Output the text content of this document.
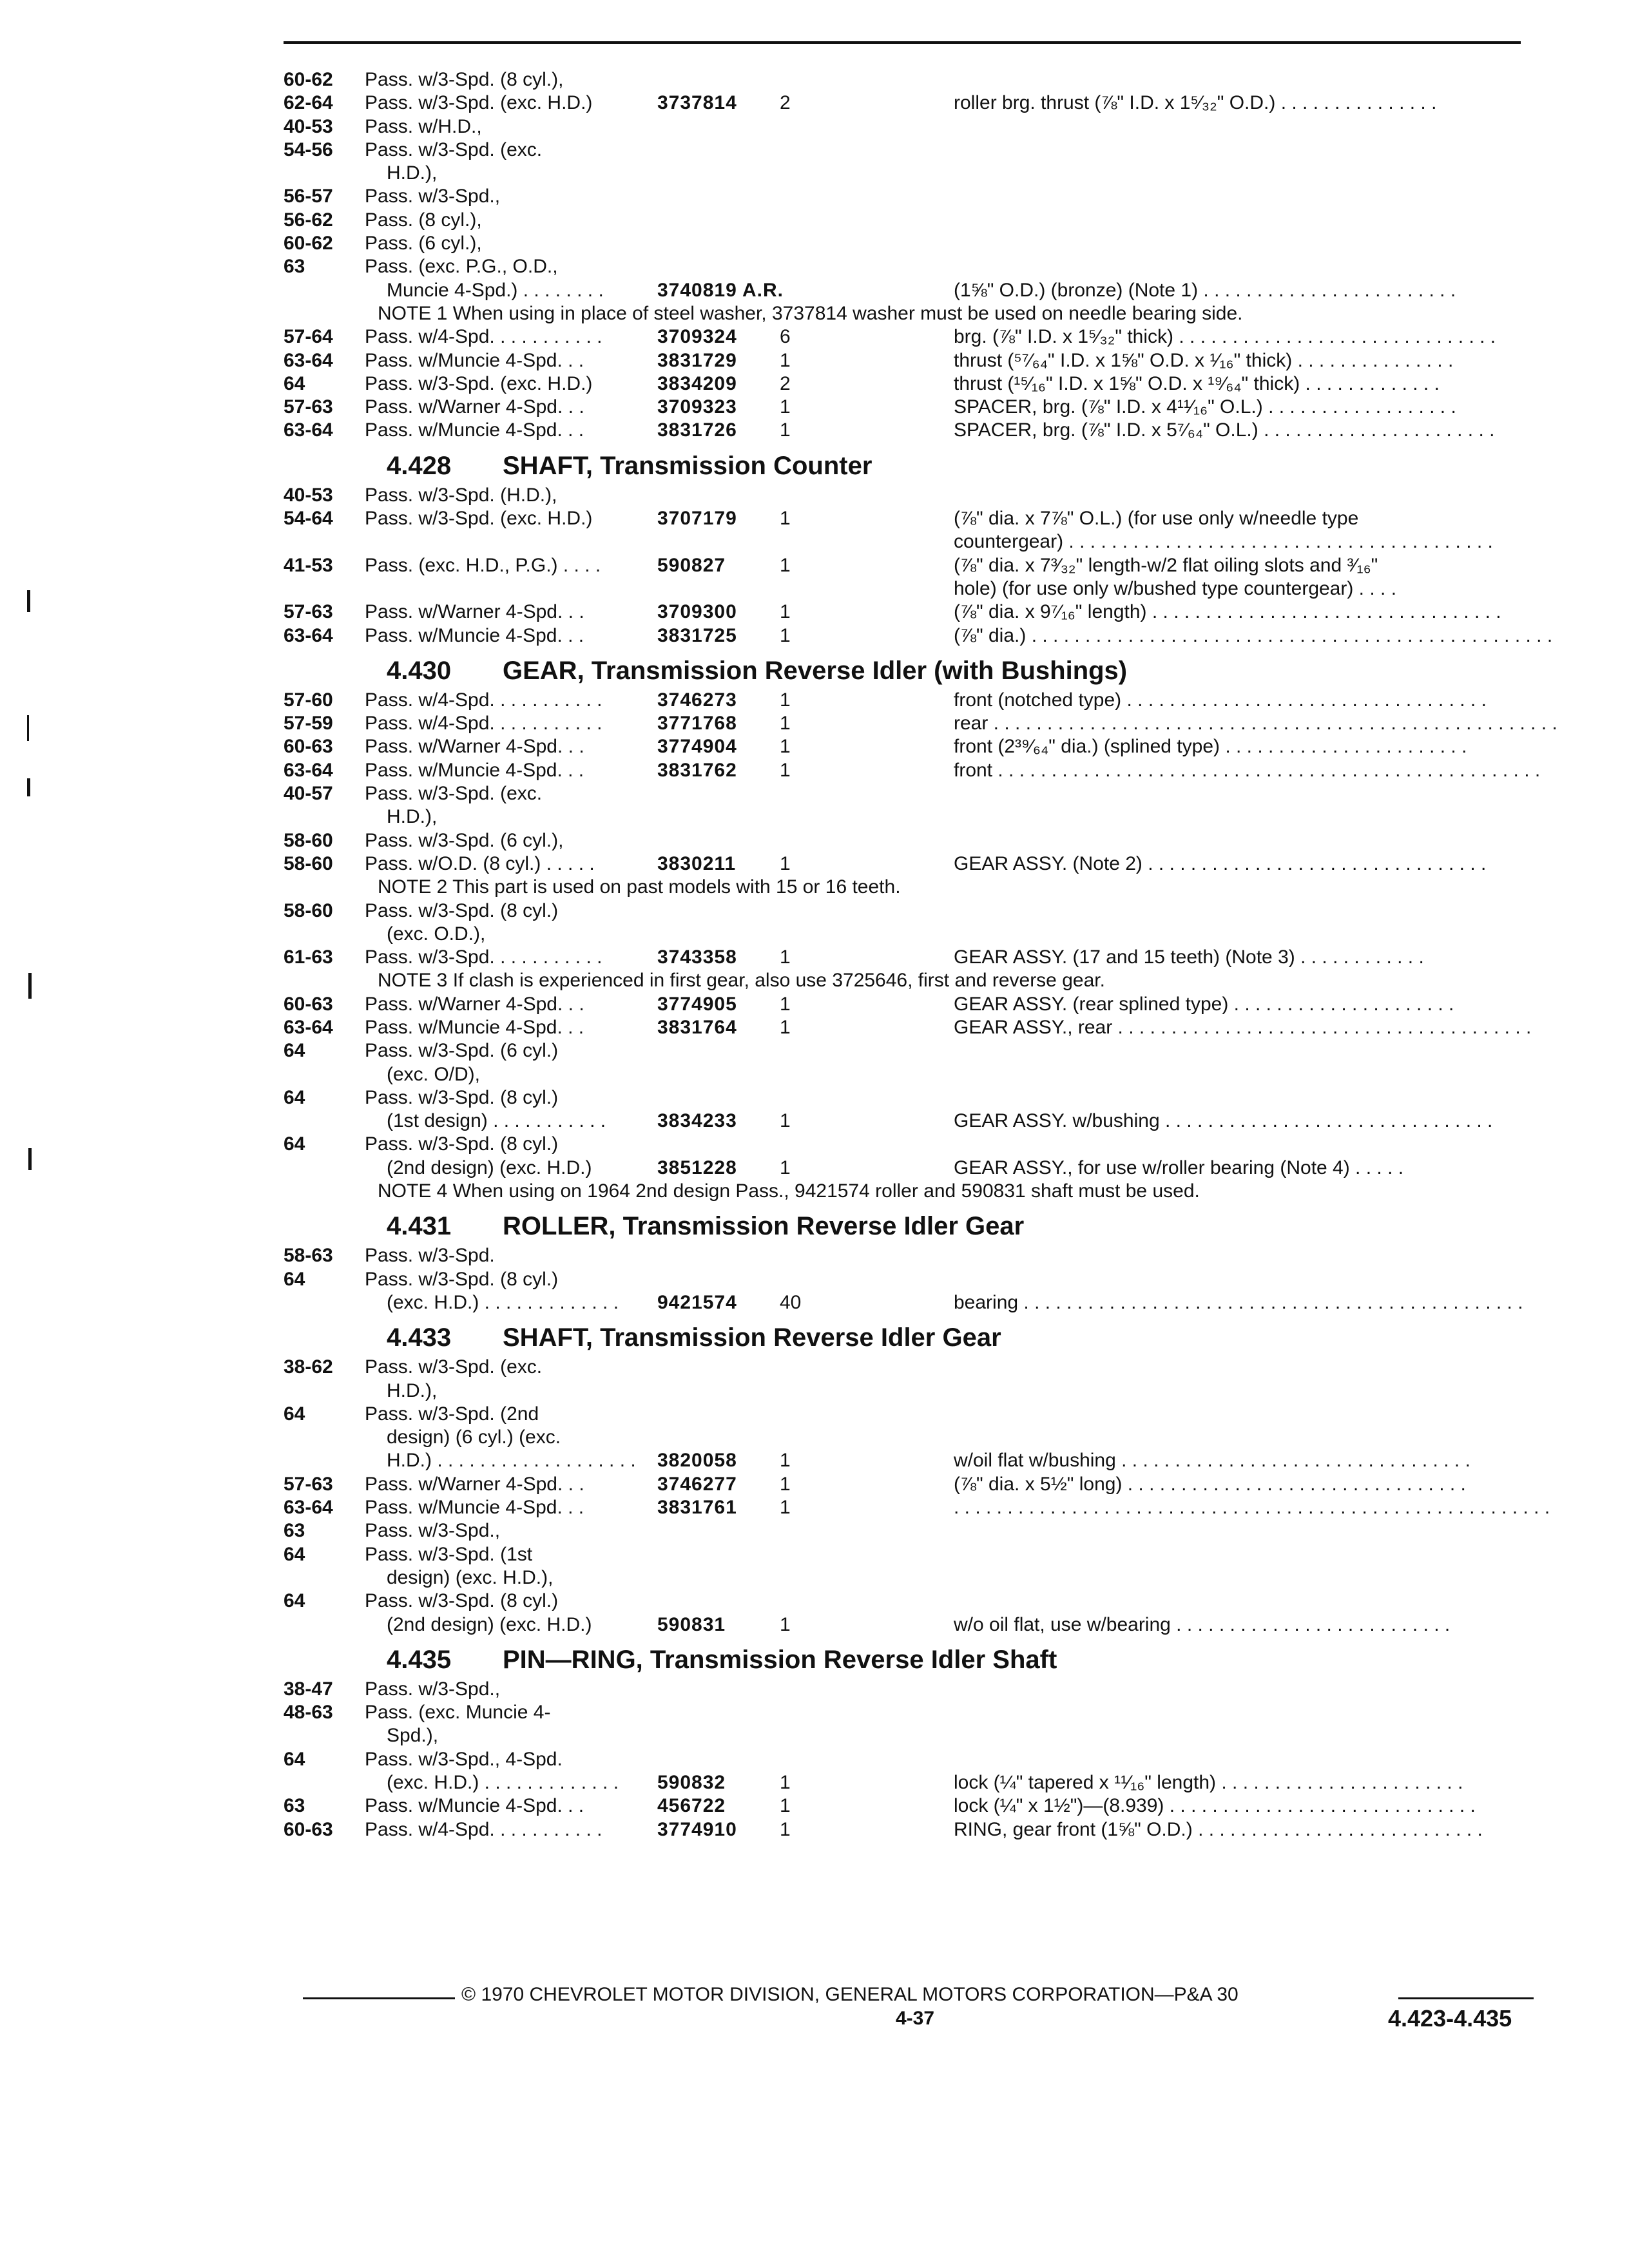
60-62 Pass. w/3-Spd. (8 cyl.),
62-64 Pass. w/3-Spd. (exc. H.D.)	3737814 2	roller brg. thrust (⅞" I.D. x 1⁵⁄₃₂" O.D.) . . . . . . . . . . . . . . .
40-53 Pass. w/H.D.,
54-56 Pass. w/3-Spd. (exc.
H.D.),
56-57 Pass. w/3-Spd.,
56-62 Pass. (8 cyl.),
60-62 Pass. (6 cyl.),
63	Pass. (exc. P.G., O.D.,
Muncie 4-Spd.) . . . . . . . .	3740819 A.R.	(1⅝" O.D.) (bronze) (Note 1) . . . . . . . . . . . . . . . . . . . . . . . .
NOTE 1 When using in place of steel washer, 3737814 washer must be used on needle bearing side.
57-64 Pass. w/4-Spd. . . . . . . . . . .	3709324 6	brg. (⅞" I.D. x 1⁵⁄₃₂" thick) . . . . . . . . . . . . . . . . . . . . . . . . . . . . . .
63-64 Pass. w/Muncie 4-Spd. . .	3831729 1	thrust (⁵⁷⁄₆₄" I.D. x 1⅝" O.D. x ¹⁄₁₆" thick) . . . . . . . . . . . . . . .
64	Pass. w/3-Spd. (exc. H.D.)	3834209 2	thrust (¹⁵⁄₁₆" I.D. x 1⅝" O.D. x ¹⁹⁄₆₄" thick) . . . . . . . . . . . . .
57-63 Pass. w/Warner 4-Spd. . .	3709323 1	SPACER, brg. (⅞" I.D. x 4¹¹⁄₁₆" O.L.) . . . . . . . . . . . . . . . . . .
63-64 Pass. w/Muncie 4-Spd. . .	3831726 1	SPACER, brg. (⅞" I.D. x 5⁷⁄₆₄" O.L.) . . . . . . . . . . . . . . . . . . . . . .
4.428 SHAFT, Transmission Counter
40-53 Pass. w/3-Spd. (H.D.),
54-64 Pass. w/3-Spd. (exc. H.D.)	3707179 1	(⅞" dia. x 7⅞" O.L.) (for use only w/needle type
countergear) . . . . . . . . . . . . . . . . . . . . . . . . . . . . . . . . . . . . . . . .
41-53 Pass. (exc. H.D., P.G.) . . . .	590827	1	(⅞" dia. x 7³⁄₃₂" length-w/2 flat oiling slots and ³⁄₁₆"
hole) (for use only w/bushed type countergear) . . . .
57-63 Pass. w/Warner 4-Spd. . .	3709300 1	(⅞" dia. x 9⁷⁄₁₆" length) . . . . . . . . . . . . . . . . . . . . . . . . . . . . . . . . .
63-64 Pass. w/Muncie 4-Spd. . .	3831725 1	(⅞" dia.) . . . . . . . . . . . . . . . . . . . . . . . . . . . . . . . . . . . . . . . . . . . . . . . . .
4.430 GEAR, Transmission Reverse Idler (with Bushings)
57-60 Pass. w/4-Spd. . . . . . . . . . .	3746273 1	front (notched type) . . . . . . . . . . . . . . . . . . . . . . . . . . . . . . . . . .
57-59 Pass. w/4-Spd. . . . . . . . . . .	3771768 1	rear . . . . . . . . . . . . . . . . . . . . . . . . . . . . . . . . . . . . . . . . . . . . . . . . . . . . .
60-63 Pass. w/Warner 4-Spd. . .	3774904 1	front (2³⁹⁄₆₄" dia.) (splined type) . . . . . . . . . . . . . . . . . . . . . . .
63-64 Pass. w/Muncie 4-Spd. . .	3831762 1	front . . . . . . . . . . . . . . . . . . . . . . . . . . . . . . . . . . . . . . . . . . . . . . . . . . .
40-57 Pass. w/3-Spd. (exc.
H.D.),
58-60 Pass. w/3-Spd. (6 cyl.),
58-60 Pass. w/O.D. (8 cyl.) . . . . .	3830211 1	GEAR ASSY. (Note 2) . . . . . . . . . . . . . . . . . . . . . . . . . . . . . . . .
NOTE 2 This part is used on past models with 15 or 16 teeth.
58-60 Pass. w/3-Spd. (8 cyl.)
(exc. O.D.),
61-63 Pass. w/3-Spd. . . . . . . . . . .	3743358 1	GEAR ASSY. (17 and 15 teeth) (Note 3) . . . . . . . . . . . .
NOTE 3 If clash is experienced in first gear, also use 3725646, first and reverse gear.
60-63 Pass. w/Warner 4-Spd. . .	3774905 1	GEAR ASSY. (rear splined type) . . . . . . . . . . . . . . . . . . . . .
63-64 Pass. w/Muncie 4-Spd. . .	3831764 1	GEAR ASSY., rear . . . . . . . . . . . . . . . . . . . . . . . . . . . . . . . . . . . . . . .
64	Pass. w/3-Spd. (6 cyl.)
(exc. O/D),
64	Pass. w/3-Spd. (8 cyl.)
(1st design) . . . . . . . . . . .	3834233 1	GEAR ASSY. w/bushing . . . . . . . . . . . . . . . . . . . . . . . . . . . . . . .
64	Pass. w/3-Spd. (8 cyl.)
(2nd design) (exc. H.D.)	3851228 1	GEAR ASSY., for use w/roller bearing (Note 4) . . . . .
NOTE 4 When using on 1964 2nd design Pass., 9421574 roller and 590831 shaft must be used.
4.431 ROLLER, Transmission Reverse Idler Gear
58-63 Pass. w/3-Spd.
64	Pass. w/3-Spd. (8 cyl.)
(exc. H.D.) . . . . . . . . . . . . . 9421574 40	bearing . . . . . . . . . . . . . . . . . . . . . . . . . . . . . . . . . . . . . . . . . . . . . . .
4.433 SHAFT, Transmission Reverse Idler Gear
38-62 Pass. w/3-Spd. (exc.
H.D.),
64	Pass. w/3-Spd. (2nd
design) (6 cyl.) (exc.
H.D.) . . . . . . . . . . . . . . . . . . . 3820058 1	w/oil flat w/bushing . . . . . . . . . . . . . . . . . . . . . . . . . . . . . . . . .
57-63 Pass. w/Warner 4-Spd. . .	3746277 1	(⅞" dia. x 5½" long) . . . . . . . . . . . . . . . . . . . . . . . . . . . . . . . .
63-64 Pass. w/Muncie 4-Spd. . .	3831761 1	. . . . . . . . . . . . . . . . . . . . . . . . . . . . . . . . . . . . . . . . . . . . . . . . . . . . . . . .
63	Pass. w/3-Spd.,
64	Pass. w/3-Spd. (1st
design) (exc. H.D.),
64	Pass. w/3-Spd. (8 cyl.)
(2nd design) (exc. H.D.)	590831	1	w/o oil flat, use w/bearing . . . . . . . . . . . . . . . . . . . . . . . . . .
4.435 PIN—RING, Transmission Reverse Idler Shaft
38-47 Pass. w/3-Spd.,
48-63 Pass. (exc. Muncie 4-
Spd.),
64	Pass. w/3-Spd., 4-Spd.
(exc. H.D.) . . . . . . . . . . . . . 590832	1	lock (¼" tapered x ¹¹⁄₁₆" length) . . . . . . . . . . . . . . . . . . . . . . .
63	Pass. w/Muncie 4-Spd. . .	456722	1	lock (¼" x 1½")—(8.939) . . . . . . . . . . . . . . . . . . . . . . . . . . . . .
60-63 Pass. w/4-Spd. . . . . . . . . . .	3774910 1	RING, gear front (1⅝" O.D.) . . . . . . . . . . . . . . . . . . . . . . . . . . .
© 1970 CHEVROLET MOTOR DIVISION, GENERAL MOTORS CORPORATION—P&A 30
4-37	4.423-4.435
